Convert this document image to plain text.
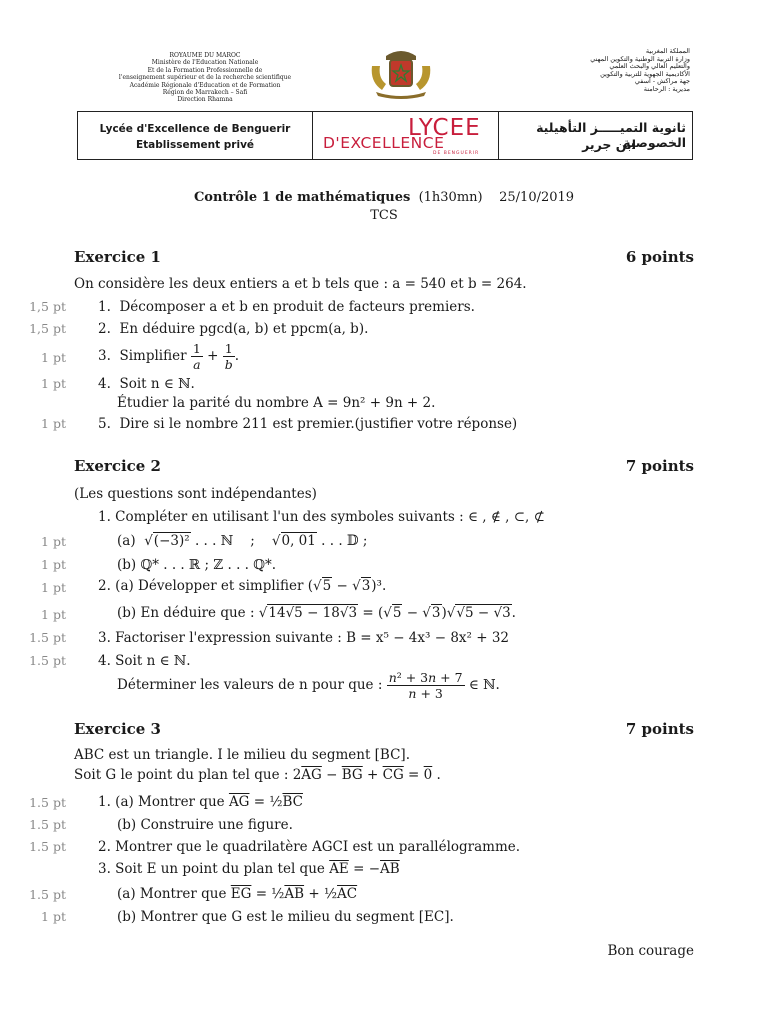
ROYAUME DU MAROC
Ministère de l'Education Nationale
Et de la Formation Professionnelle de
l'enseignement supérieur et de la recherche scientifique
Académie Régionale d'Education et de Formation
Région de Marrakech – Safi
Direction Rhamna
المملكة المغربية
وزارة التربية الوطنية والتكوين المهني
والتعليم العالي والبحث العلمي
الأكاديمية الجهوية للتربية والتكوين
جهة مراكش - آسفي
مديرية : الرحامنة
Lycée d'Excellence de Benguerir
Etablissement privé
LYCEE
D'EXCELLENCE
DE BENGUERIR
ثانوية التميـــــز التأهيلية الخصوصية
ابن جرير
Contrôle 1 de mathématiques (1h30mn) 25/10/2019
TCS
Exercice 1	6 points
On considère les deux entiers a et b tels que : a = 540 et b = 264.
1,5 pt 1. Décomposer a et b en produit de facteurs premiers.
1,5 pt 2. En déduire pgcd(a, b) et ppcm(a, b).
1 pt 3. Simplifier $\frac{1}{a} + \frac{1}{b}$ .
1 pt 4. Soit n ∈ ℕ.
Étudier la parité du nombre A = 9n² + 9n + 2.
1 pt 5. Dire si le nombre 211 est premier.(justifier votre réponse)
Exercice 2	7 points
(Les questions sont indépendantes)
1. Compléter en utilisant l'un des symboles suivants : ∈ , ∉ , ⊂, ⊄
1 pt	(a) √(−3)² . . . ℕ    ;    √0, 01 . . . 𝔻 ;
1 pt	(b) ℚ* . . . ℝ ; ℤ . . . ℚ*.
1 pt 2. (a) Développer et simplifier (√5 − √3)³.
1 pt	(b) En déduire que : √14√5 − 18√3 = (√5 − √3)√√5 − √3.
1.5 pt 3. Factoriser l'expression suivante : B = x⁵ − 4x³ − 8x² + 32
1.5 pt 4. Soit n ∈ ℕ.
Déterminer les valeurs de n pour que : $\frac{\text{n² + 3n + 7}}{n + 3}$ ∈ ℕ.
Exercice 3	7 points
ABC est un triangle. I le milieu du segment [BC].
Soit G le point du plan tel que : $2\overline{AG} - \overline{BG} + \overline{CG} = 0$ .
1.5 pt 1. (a) Montrer que $\overline{AG}$ = $\frac{1}{2}\overline{BC}$
1.5 pt	(b) Construire une figure.
1.5 pt 2. Montrer que le quadrilatère AGCI est un parallélogramme.
3. Soit E un point du plan tel que $\overline{AE} = -\overline{AB}$
1.5 pt	(a) Montrer que $\overline{EG}$ = $\frac{1}{2}\overline{AB}$ + $\frac{1}{2}\overline{AC}$
1 pt	(b) Montrer que G est le milieu du segment [EC].
Bon courage
